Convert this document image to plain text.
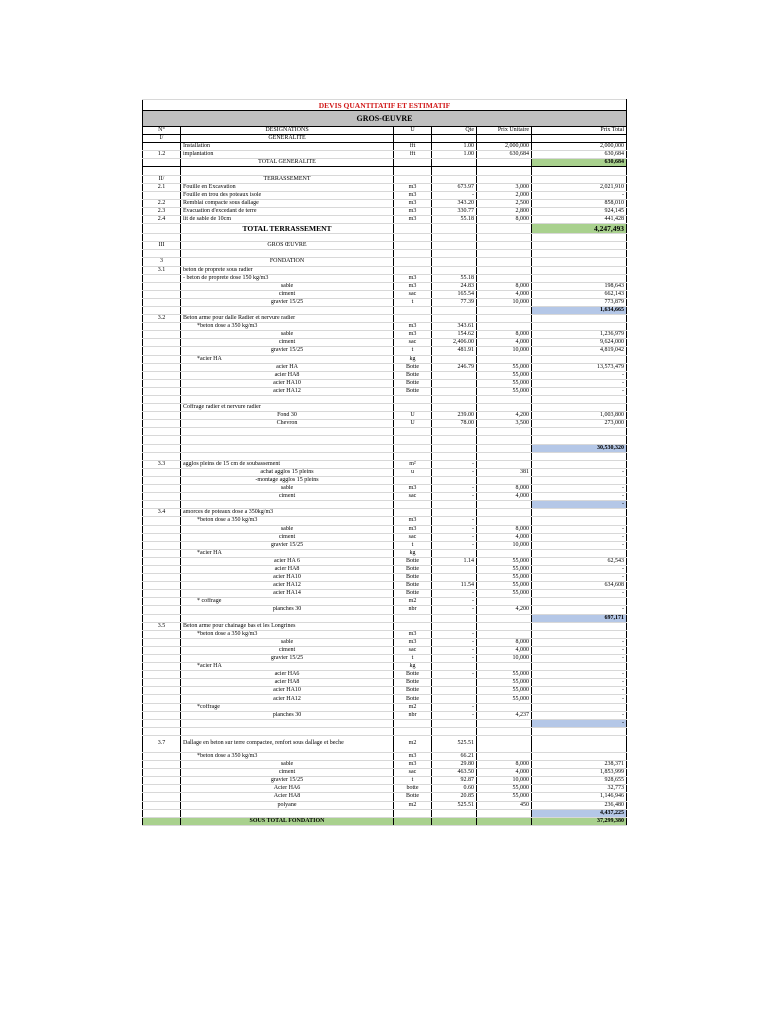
DEVIS QUANTITATIF ET ESTIMATIF					
GROS-ŒUVRE					
N°	DESIGNATIONS	U	Qte	Prix Unitaire	Prix Total
I/	GENERALITE				
	Installation	fft	1.00	2,000,000	2,000,000
1.2	implantation	fft	1.00	630,684	630,684
	TOTAL GENERALITE				630,684

II/	TERRASSEMENT				
2.1	Fouille en Excavation	m3	673.97	3,000	2,021,910
	Fouille en trou des poteaux isole	m3	-	2,000	-
2.2	Remblai compacte sous dallage	m3	343.20	2,500	858,010
2.3	Evacuation d'excedant de terre	m3	330.77	2,800	924,145
2.4	lit de sable de 10cm	m3	55.18	8,000	441,428
	TOTAL TERRASSEMENT				4,247,493

III	GROS ŒUVRE				

3	FONDATION				
3.1	beton de proprete sous radier				
	- beton de proprete dose 150 kg/m3	m3	55.18		
	sable	m3	24.83	8,000	198,643
	ciment	sac	165.54	4,000	662,143
	gravier 15/25	t	77.39	10,000	773,879
					1,634,665
3.2	Beton arme pour dalle Radier et nervure radier				
	*beton dose a 350 kg/m3	m3	343.61		
	sable	m3	154.62	8,000	1,236,979
	ciment	sac	2,406.00	4,000	9,624,000
	gravier 15/25	t	481.91	10,000	4,819,042
	*acier HA	kg			
	acier HA	Botte	246.79	55,000	13,573,479
	acier HA8	Botte		55,000	-
	acier HA10	Botte		55,000	-
	acier HA12	Botte		55,000	-

	Coffrage radier et nervure radier				
	Fond 30	U	239.00	4,200	1,003,800
	Chevron	U	78.00	3,500	273,000

					30,530,320

3.3	agglos pleins de 15 cm de soubassement	m²	-		
	achat agglos 15 pleins	u	-	381	-
	-montage agglos 15 pleins				
	sable	m3	-	8,000	-
	ciment	sac	-	4,000	-
					-
3.4	amorces de poteaux dose a 350kg/m3				
	*beton dose a 350 kg/m3	m3	-		
	sable	m3	-	8,000	-
	ciment	sac	-	4,000	-
	gravier 15/25	t	-	10,000	-
	*acier HA	kg			
	acier HA 6	Botte	1.14	55,000	62,543
	acier HA8	Botte		55,000	-
	acier HA10	Botte		55,000	-
	acier HA12	Botte	11.54	55,000	634,608
	acier HA14	Botte	-	55,000	-
	* coffrage	m2	-		
	planches 30	nbr	-	4,200	-
					697,171
3.5	Beton arme pour chainage bas et les Longrines				
	*beton dose a 350 kg/m3	m3	-		
	sable	m3	-	8,000	-
	ciment	sac	-	4,000	-
	gravier 15/25	t	-	10,000	-
	*acier HA	kg			
	acier HA6	Botte	-	55,000	-
	acier HA8	Botte		55,000	-
	acier HA10	Botte		55,000	-
	acier HA12	Botte		55,000	-
	*coffrage	m2	-		
	planches 30	nbr	-	4,237	-
					-

3.7	Dallage en beton sur terre compactee, renfort sous dallage et beche	m2	525.51		
	*beton dose a 350 kg/m3	m3	66.21		
	sable	m3	29.80	8,000	238,371
	ciment	sac	463.50	4,000	1,853,999
	gravier 15/25	t	92.87	10,000	928,655
	Acier HA6	botte	0.60	55,000	32,773
	Acier HA8	Botte	20.85	55,000	1,146,946
	polyane	m2	525.51	450	236,480
					4,437,225
	SOUS TOTAL FONDATION				37,299,380
